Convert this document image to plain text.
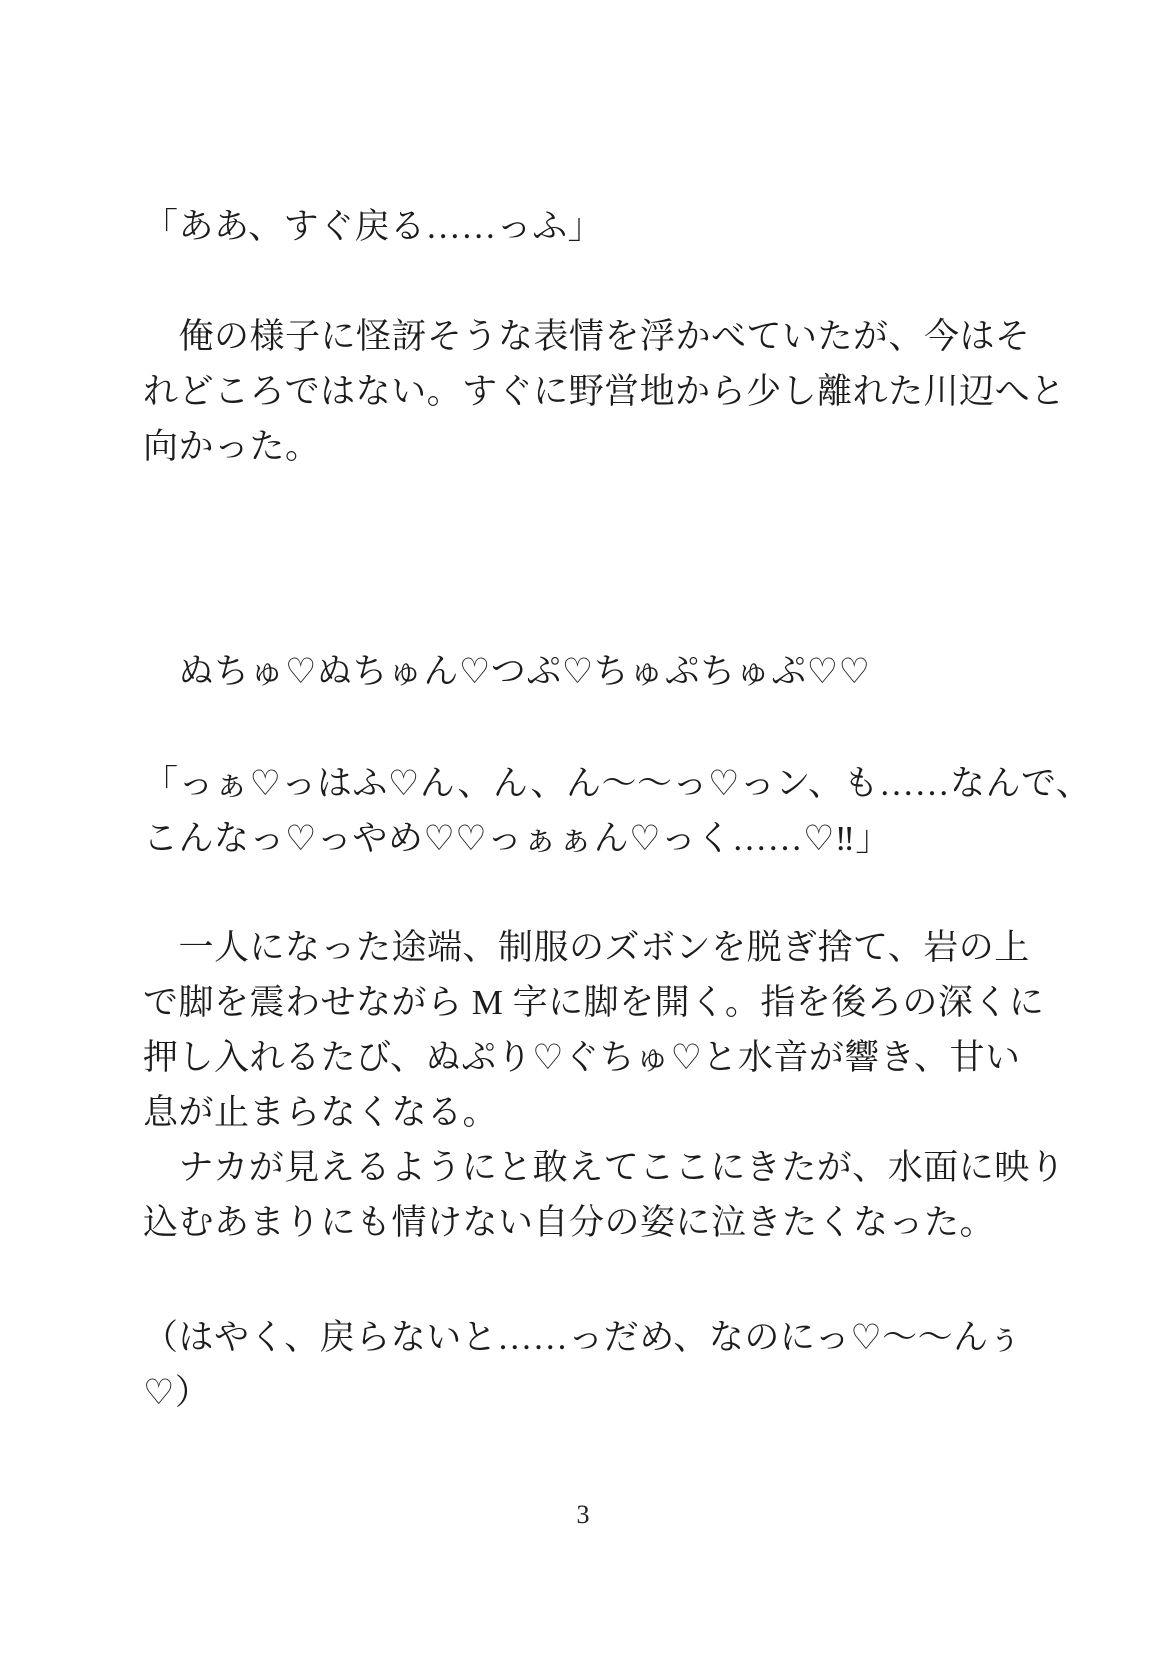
「ああ、すぐ戻る……っふ」
　俺の様子に怪訝そうな表情を浮かべていたが、今はそ
れどころではない。すぐに野営地から少し離れた川辺へと
向かった。
　ぬちゅ♡ぬちゅん♡つぷ♡ちゅぷちゅぷ♡♡
「っぁ♡っはふ♡ん、ん、ん〜〜っ♡っン、も……なんで、
こんなっ♡っやめ♡♡っぁぁん♡っく……♡‼」
　一人になった途端、制服のズボンを脱ぎ捨て、岩の上
で脚を震わせながら M 字に脚を開く。指を後ろの深くに
押し入れるたび、ぬぷり♡ぐちゅ♡と水音が響き、甘い
息が止まらなくなる。
　ナカが見えるようにと敢えてここにきたが、水面に映り
込むあまりにも情けない自分の姿に泣きたくなった。
（はやく、戻らないと……っだめ、なのにっ♡〜〜んぅ
♡）
3
